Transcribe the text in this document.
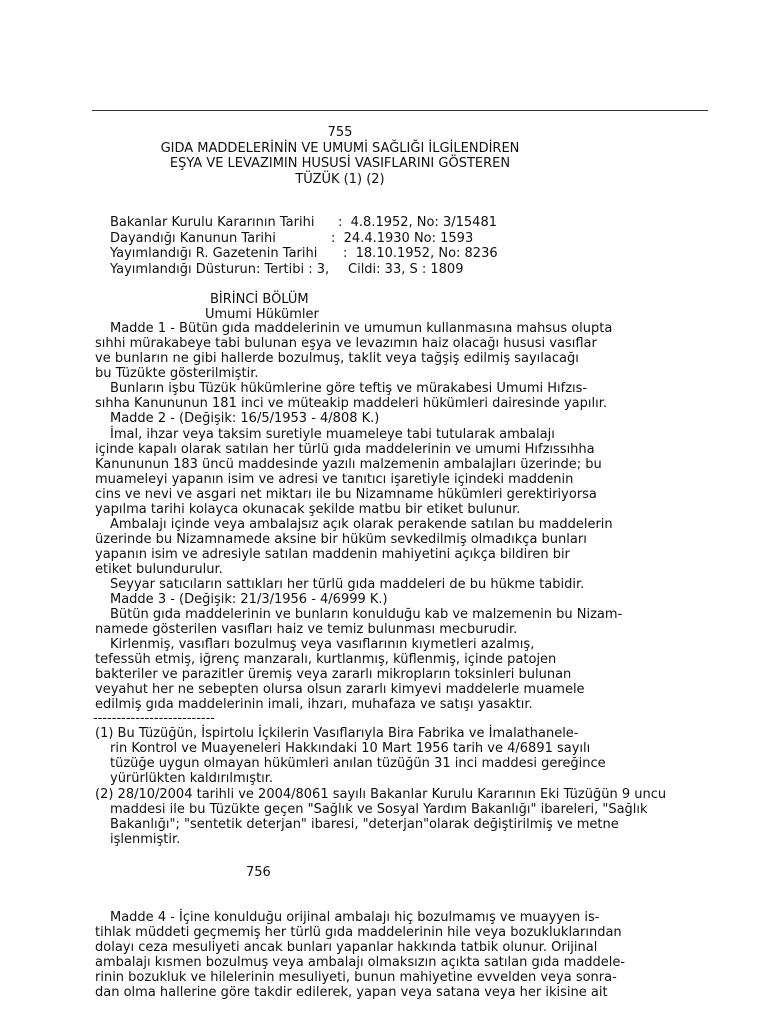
755
GIDA MADDELERİNİN VE UMUMİ SAĞLIĞI İLGİLENDİREN
EŞYA VE LEVAZIMIN HUSUSİ VASIFLARINI GÖSTEREN
TÜZÜK (1) (2)
Bakanlar Kurulu Kararının Tarihi :  4.8.1952, No: 3/15481
Dayandığı Kanunun Tarihi	:  24.4.1930 No: 1593
Yayımlandığı R. Gazetenin Tarihi :  18.10.1952, No: 8236
Yayımlandığı Düsturun: Tertibi : 3, Cildi: 33, S : 1809
BİRİNCİ BÖLÜM
Umumi Hükümler
Madde 1 - Bütün gıda maddelerinin ve umumun kullanmasına mahsus olupta
sıhhi mürakabeye tabi bulunan eşya ve levazımın haiz olacağı hususi vasıflar
ve bunların ne gibi hallerde bozulmuş, taklit veya tağşiş edilmiş sayılacağı
bu Tüzükte gösterilmiştir.
Bunların işbu Tüzük hükümlerine göre teftiş ve mürakabesi Umumi Hıfzıs-
sıhha Kanununun 181 inci ve müteakip maddeleri hükümleri dairesinde yapılır.
Madde 2 - (Değişik: 16/5/1953 - 4/808 K.)
İmal, ihzar veya taksim suretiyle muameleye tabi tutularak ambalajı
içinde kapalı olarak satılan her türlü gıda maddelerinin ve umumi Hıfzıssıhha
Kanununun 183 üncü maddesinde yazılı malzemenin ambalajları üzerinde; bu
muameleyi yapanın isim ve adresi ve tanıtıcı işaretiyle içindeki maddenin
cins ve nevi ve asgari net miktarı ile bu Nizamname hükümleri gerektiriyorsa
yapılma tarihi kolayca okunacak şekilde matbu bir etiket bulunur.
Ambalajı içinde veya ambalajsız açık olarak perakende satılan bu maddelerin
üzerinde bu Nizamnamede aksine bir hüküm sevkedilmiş olmadıkça bunları
yapanın isim ve adresiyle satılan maddenin mahiyetini açıkça bildiren bir
etiket bulundurulur.
Seyyar satıcıların sattıkları her türlü gıda maddeleri de bu hükme tabidir.
Madde 3 - (Değişik: 21/3/1956 - 4/6999 K.)
Bütün gıda maddelerinin ve bunların konulduğu kab ve malzemenin bu Nizam-
namede gösterilen vasıfları haiz ve temiz bulunması mecburudir.
Kirlenmiş, vasıfları bozulmuş veya vasıflarının kıymetleri azalmış,
tefessüh etmiş, iğrenç manzaralı, kurtlanmış, küflenmiş, içinde patojen
bakteriler ve parazitler üremiş veya zararlı mikropların toksinleri bulunan
veyahut her ne sebepten olursa olsun zararlı kimyevi maddelerle muamele
edilmiş gıda maddelerinin imali, ihzarı, muhafaza ve satışı yasaktır.
--------------------------
(1) Bu Tüzüğün, İspirtolu İçkilerin Vasıflarıyla Bira Fabrika ve İmalathanele-
rin Kontrol ve Muayeneleri Hakkındaki 10 Mart 1956 tarih ve 4/6891 sayılı
tüzüğe uygun olmayan hükümleri anılan tüzüğün 31 inci maddesi gereğince
yürürlükten kaldırılmıştır.
(2) 28/10/2004 tarihli ve 2004/8061 sayılı Bakanlar Kurulu Kararının Eki Tüzüğün 9 uncu
maddesi ile bu Tüzükte geçen "Sağlık ve Sosyal Yardım Bakanlığı" ibareleri, "Sağlık
Bakanlığı"; "sentetik deterjan" ibaresi, "deterjan"olarak değiştirilmiş ve metne
işlenmiştir.
756
Madde 4 - İçine konulduğu orijinal ambalajı hiç bozulmamış ve muayyen is-
tihlak müddeti geçmemiş her türlü gıda maddelerinin hile veya bozukluklarından
dolayı ceza mesuliyeti ancak bunları yapanlar hakkında tatbik olunur. Orijinal
ambalajı kısmen bozulmuş veya ambalajı olmaksızın açıkta satılan gıda maddele-
rinin bozukluk ve hilelerinin mesuliyeti, bunun mahiyetine evvelden veya sonra-
dan olma hallerine göre takdir edilerek, yapan veya satana veya her ikisine ait
